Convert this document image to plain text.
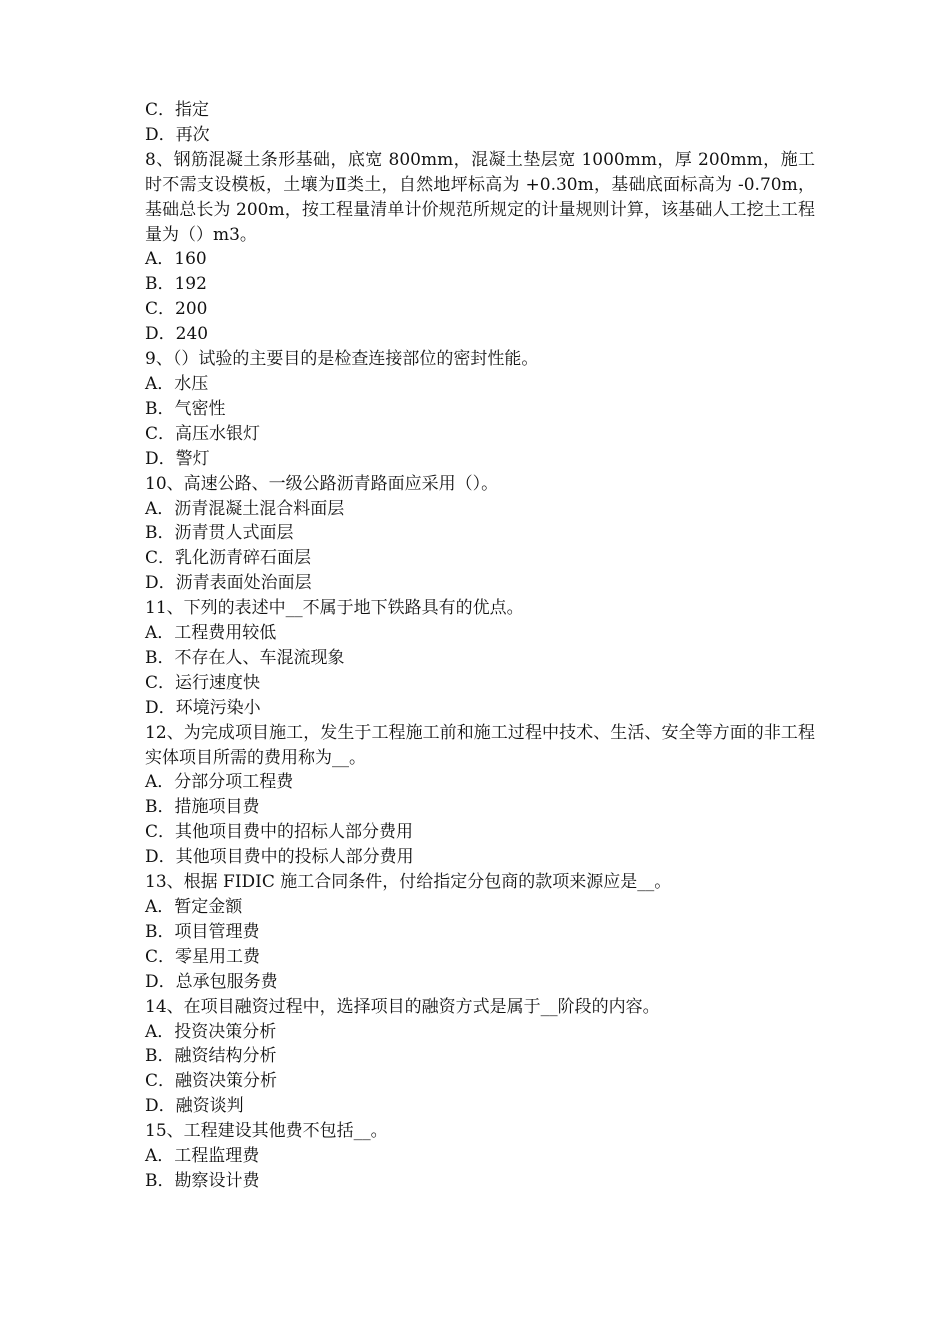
C．指定
D．再次
8、钢筋混凝土条形基础，底宽 800mm，混凝土垫层宽 1000mm，厚 200mm，施工时不需支设模板，土壤为Ⅱ类土，自然地坪标高为 +0.30m，基础底面标高为 -0.70m，基础总长为 200m，按工程量清单计价规范所规定的计量规则计算，该基础人工挖土工程量为（）m3。
A．160
B．192
C．200
D．240
9、（）试验的主要目的是检查连接部位的密封性能。
A．水压
B．气密性
C．高压水银灯
D．警灯
10、高速公路、一级公路沥青路面应采用（）。
A．沥青混凝土混合料面层
B．沥青贯人式面层
C．乳化沥青碎石面层
D．沥青表面处治面层
11、下列的表述中__不属于地下铁路具有的优点。
A．工程费用较低
B．不存在人、车混流现象
C．运行速度快
D．环境污染小
12、为完成项目施工，发生于工程施工前和施工过程中技术、生活、安全等方面的非工程实体项目所需的费用称为__。
A．分部分项工程费
B．措施项目费
C．其他项目费中的招标人部分费用
D．其他项目费中的投标人部分费用
13、根据 FIDIC 施工合同条件，付给指定分包商的款项来源应是__。
A．暂定金额
B．项目管理费
C．零星用工费
D．总承包服务费
14、在项目融资过程中，选择项目的融资方式是属于__阶段的内容。
A．投资决策分析
B．融资结构分析
C．融资决策分析
D．融资谈判
15、工程建设其他费不包括__。
A．工程监理费
B．勘察设计费
